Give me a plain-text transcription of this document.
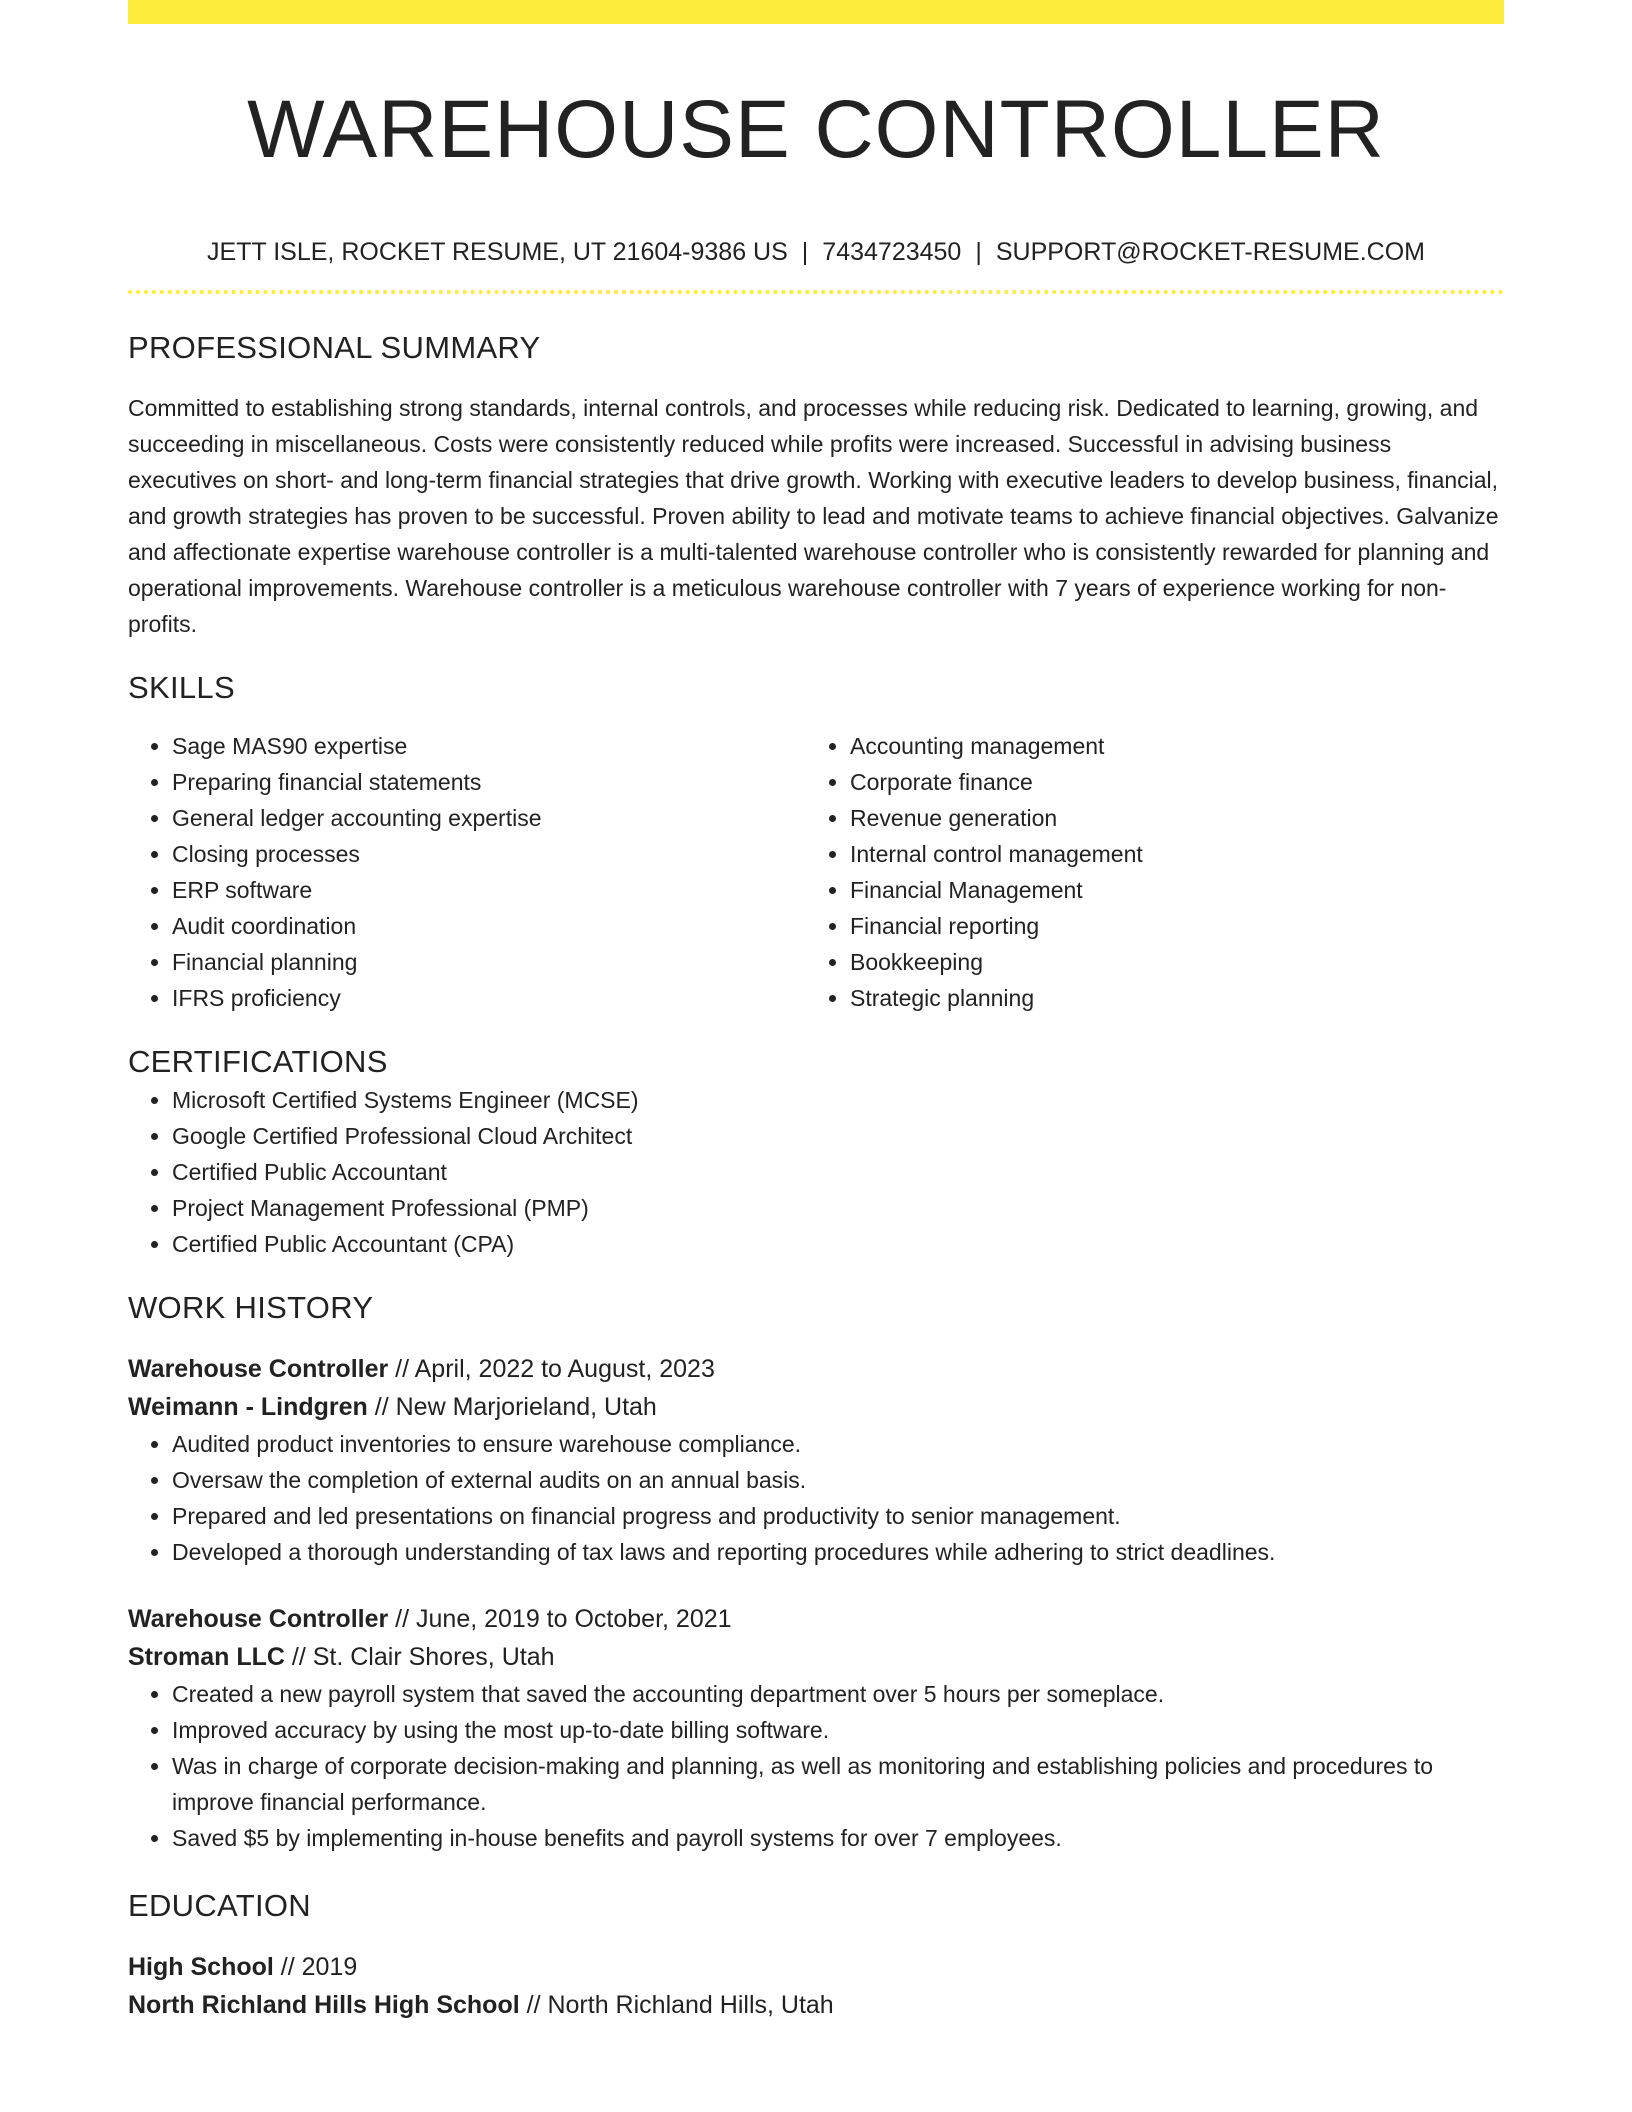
WAREHOUSE CONTROLLER
JETT ISLE, ROCKET RESUME, UT 21604-9386 US | 7434723450 | SUPPORT@ROCKET-RESUME.COM
PROFESSIONAL SUMMARY

Committed to establishing strong standards, internal controls, and processes while reducing risk. Dedicated to learning, growing, and succeeding in miscellaneous. Costs were consistently reduced while profits were increased. Successful in advising business executives on short- and long-term financial strategies that drive growth. Working with executive leaders to develop business, financial, and growth strategies has proven to be successful. Proven ability to lead and motivate teams to achieve financial objectives. Galvanize and affectionate expertise warehouse controller is a multi-talented warehouse controller who is consistently rewarded for planning and operational improvements. Warehouse controller is a meticulous warehouse controller with 7 years of experience working for non-profits.

SKILLS
• Sage MAS90 expertise
• Preparing financial statements
• General ledger accounting expertise
• Closing processes
• ERP software
• Audit coordination
• Financial planning
• IFRS proficiency
• Accounting management
• Corporate finance
• Revenue generation
• Internal control management
• Financial Management
• Financial reporting
• Bookkeeping
• Strategic planning
CERTIFICATIONS
• Microsoft Certified Systems Engineer (MCSE)
• Google Certified Professional Cloud Architect
• Certified Public Accountant
• Project Management Professional (PMP)
• Certified Public Accountant (CPA)
WORK HISTORY
Warehouse Controller // April, 2022 to August, 2023
Weimann - Lindgren // New Marjorieland, Utah
• Audited product inventories to ensure warehouse compliance.
• Oversaw the completion of external audits on an annual basis.
• Prepared and led presentations on financial progress and productivity to senior management.
• Developed a thorough understanding of tax laws and reporting procedures while adhering to strict deadlines.
Warehouse Controller // June, 2019 to October, 2021
Stroman LLC // St. Clair Shores, Utah
• Created a new payroll system that saved the accounting department over 5 hours per someplace.
• Improved accuracy by using the most up-to-date billing software.
• Was in charge of corporate decision-making and planning, as well as monitoring and establishing policies and procedures to improve financial performance.
• Saved $5 by implementing in-house benefits and payroll systems for over 7 employees.
EDUCATION
High School // 2019
North Richland Hills High School // North Richland Hills, Utah
